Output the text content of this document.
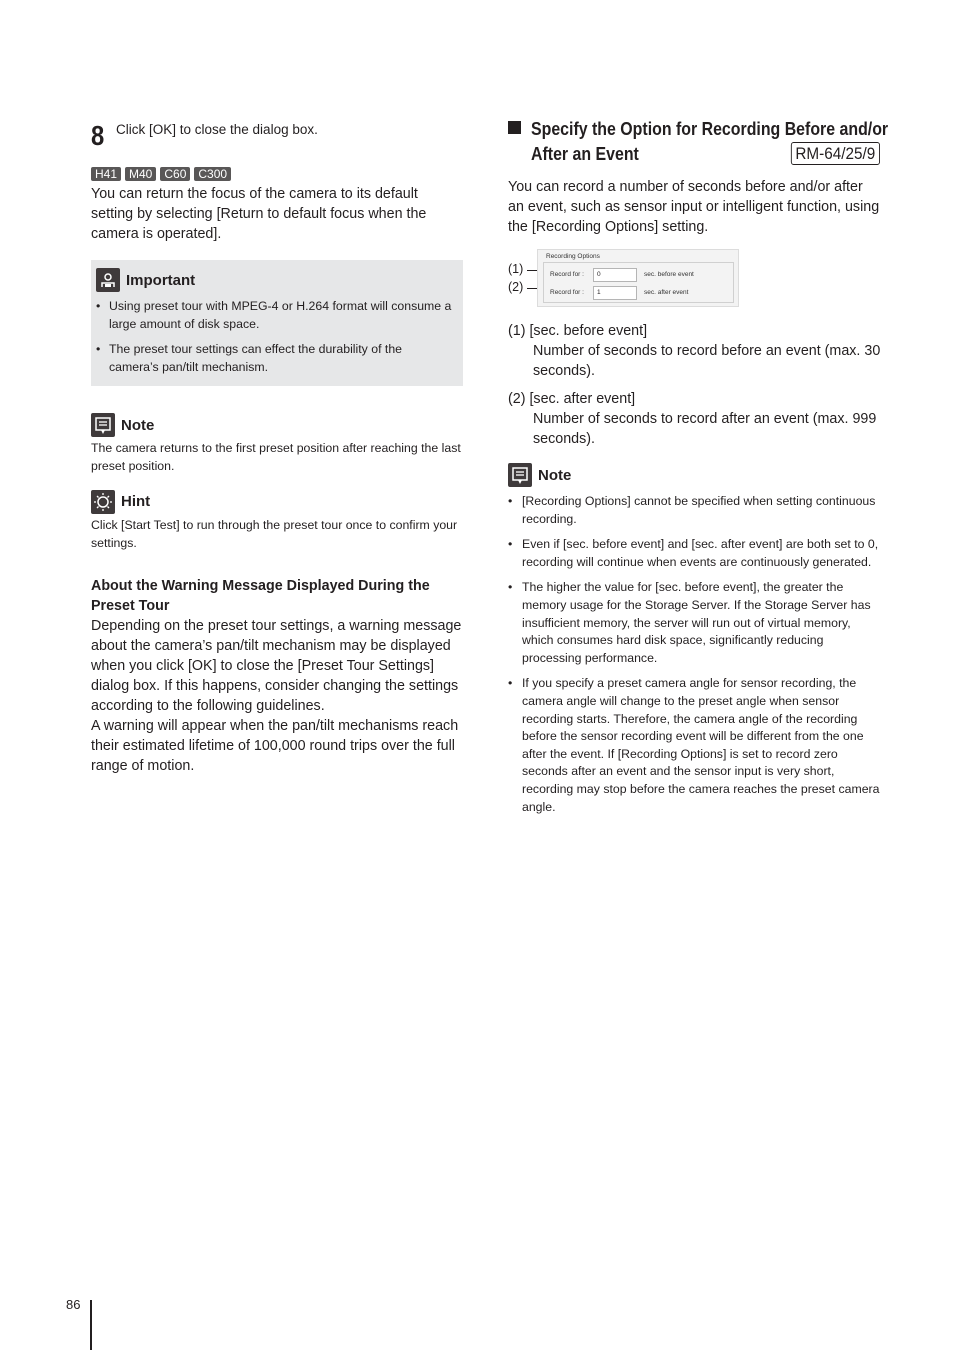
8 Click [OK] to close the dialog box.
H41	M40	C60	C300

You can return the focus of the camera to its default setting by selecting [Return to default focus when the camera is operated].

Important
• Using preset tour with MPEG-4 or H.264 format will consume a large amount of disk space.
• The preset tour settings can effect the durability of the camera’s pan/tilt mechanism.
Note

The camera returns to the first preset position after reaching the last preset position.

Hint

Click [Start Test] to run through the preset tour once to confirm your settings.

About the Warning Message Displayed During the Preset Tour

Depending on the preset tour settings, a warning message about the camera’s pan/tilt mechanism may be displayed when you click [OK] to close the [Preset Tour Settings] dialog box. If this happens, consider changing the settings according to the following guidelines.

A warning will appear when the pan/tilt mechanisms reach their estimated lifetime of 100,000 round trips over the full range of motion.

Specify the Option for Recording Before and/or
After an Event	RM-64/25/9

You can record a number of seconds before and/or after an event, such as sensor input or intelligent function, using the [Recording Options] setting.

(1)
(2)
Recording Options
Record for :	0	sec. before event
Record for :	1	sec. after event

(1) [sec. before event]

Number of seconds to record before an event (max. 30 seconds).

(2) [sec. after event]

Number of seconds to record after an event (max. 999 seconds).

Note
• [Recording Options] cannot be specified when setting continuous recording.
• Even if [sec. before event] and [sec. after event] are both set to 0, recording will continue when events are continuously generated.
• The higher the value for [sec. before event], the greater the memory usage for the Storage Server. If the Storage Server has insufficient memory, the server will run out of virtual memory, which consumes hard disk space, significantly reducing processing performance.
• If you specify a preset camera angle for sensor recording, the camera angle will change to the preset angle when sensor recording starts. Therefore, the camera angle of the recording before the sensor recording event will be different from the one after the event. If [Recording Options] is set to record zero seconds after an event and the sensor input is very short, recording may stop before the camera reaches the preset camera angle.
86
